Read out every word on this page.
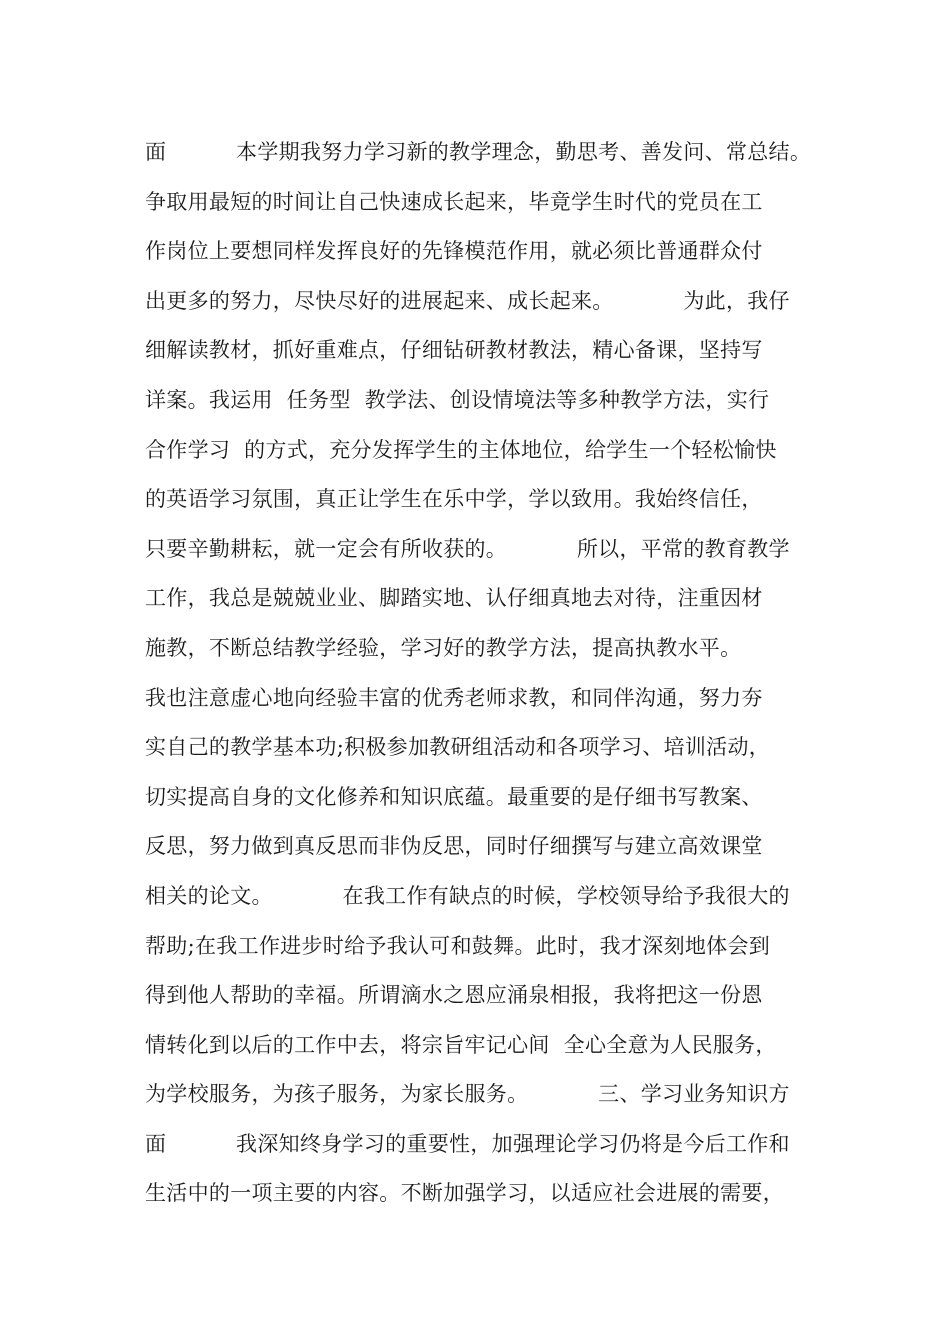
面          本学期我努力学习新的教学理念，勤思考、善发问、常总结。
争取用最短的时间让自己快速成长起来，毕竟学生时代的党员在工
作岗位上要想同样发挥良好的先锋模范作用，就必须比普通群众付
出更多的努力，尽快尽好的进展起来、成长起来。          为此，我仔
细解读教材，抓好重难点，仔细钻研教材教法，精心备课，坚持写
详案。我运用  任务型  教学法、创设情境法等多种教学方法，实行
合作学习  的方式，充分发挥学生的主体地位，给学生一个轻松愉快
的英语学习氛围，真正让学生在乐中学，学以致用。我始终信任，
只要辛勤耕耘，就一定会有所收获的。          所以，平常的教育教学
工作，我总是兢兢业业、脚踏实地、认仔细真地去对待，注重因材
施教，不断总结教学经验，学习好的教学方法，提高执教水平。
我也注意虚心地向经验丰富的优秀老师求教，和同伴沟通，努力夯
实自己的教学基本功;积极参加教研组活动和各项学习、培训活动，
切实提高自身的文化修养和知识底蕴。最重要的是仔细书写教案、
反思，努力做到真反思而非伪反思，同时仔细撰写与建立高效课堂
相关的论文。          在我工作有缺点的时候，学校领导给予我很大的
帮助;在我工作进步时给予我认可和鼓舞。此时，我才深刻地体会到
得到他人帮助的幸福。所谓滴水之恩应涌泉相报，我将把这一份恩
情转化到以后的工作中去，将宗旨牢记心间  全心全意为人民服务，
为学校服务，为孩子服务，为家长服务。          三、学习业务知识方
面          我深知终身学习的重要性，加强理论学习仍将是今后工作和
生活中的一项主要的内容。不断加强学习，以适应社会进展的需要，
